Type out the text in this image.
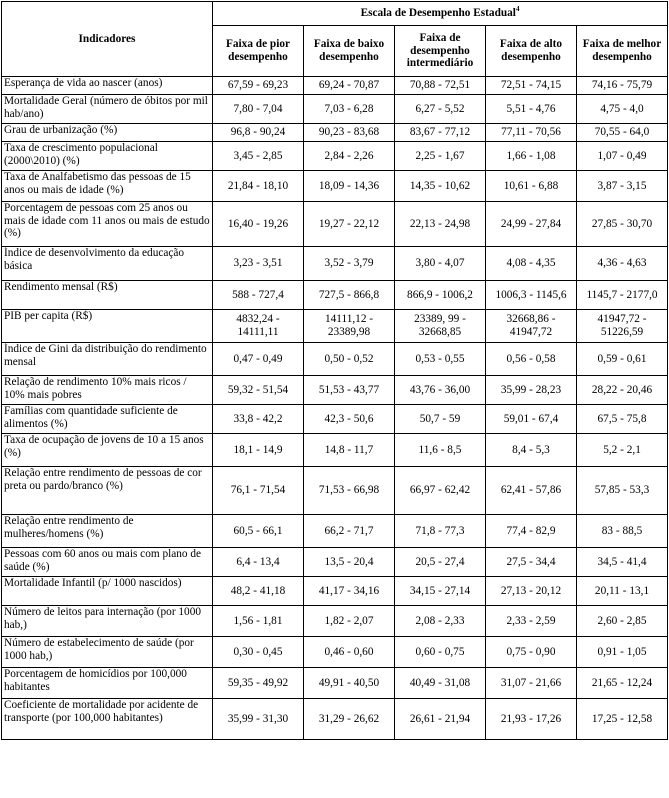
Indicadores	Escala de Desempenho Estadual$^4$
	Faixa de pior desempenho	Faixa de baixo desempenho	Faixa de desempenho intermediário	Faixa de alto desempenho	Faixa de melhor desempenho
Esperança de vida ao nascer (anos)	67,59 - 69,23	69,24 - 70,87	70,88 - 72,51	72,51 - 74,15	74,16 - 75,79
Mortalidade Geral (número de óbitos por mil hab/ano)	7,80 - 7,04	7,03 - 6,28	6,27 - 5,52	5,51 - 4,76	4,75 - 4,0
Grau de urbanização (%)	96,8 - 90,24	90,23 - 83,68	83,67 - 77,12	77,11 - 70,56	70,55 - 64,0
Taxa de crescimento populacional (2000\2010) (%)	3,45 - 2,85	2,84 - 2,26	2,25 - 1,67	1,66 - 1,08	1,07 - 0,49
Taxa de Analfabetismo das pessoas de 15 anos ou mais de idade (%)	21,84 - 18,10	18,09 - 14,36	14,35 - 10,62	10,61 - 6,88	3,87 - 3,15
Porcentagem de pessoas com 25 anos ou mais de idade com 11 anos ou mais de estudo (%)	16,40 - 19,26	19,27 - 22,12	22,13 - 24,98	24,99 - 27,84	27,85 - 30,70
Índice de desenvolvimento da educação básica	3,23 - 3,51	3,52 - 3,79	3,80 - 4,07	4,08 - 4,35	4,36 - 4,63
Rendimento mensal (R$)	588 - 727,4	727,5 - 866,8	866,9 - 1006,2	1006,3 - 1145,6	1145,7 - 2177,0
PIB per capita (R$)	4832,24 - 14111,11	14111,12 - 23389,98	23389, 99 - 32668,85	32668,86 - 41947,72	41947,72 - 51226,59
Índice de Gini da distribuição do rendimento mensal	0,47 - 0,49	0,50 - 0,52	0,53 - 0,55	0,56 - 0,58	0,59 - 0,61
Relação de rendimento 10% mais ricos / 10% mais pobres	59,32 - 51,54	51,53 - 43,77	43,76 - 36,00	35,99 - 28,23	28,22 - 20,46
Famílias com quantidade suficiente de alimentos (%)	33,8 - 42,2	42,3 - 50,6	50,7 - 59	59,01 - 67,4	67,5 - 75,8
Taxa de ocupação de jovens de 10 a 15 anos (%)	18,1 - 14,9	14,8 - 11,7	11,6 - 8,5	8,4 - 5,3	5,2 - 2,1
Relação entre rendimento de pessoas de cor preta ou pardo/branco (%)	76,1 - 71,54	71,53 - 66,98	66,97 - 62,42	62,41 - 57,86	57,85 - 53,3
Relação entre rendimento de mulheres/homens (%)	60,5 - 66,1	66,2 - 71,7	71,8 - 77,3	77,4 - 82,9	83 - 88,5
Pessoas com 60 anos ou mais com plano de saúde (%)	6,4 - 13,4	13,5 - 20,4	20,5 - 27,4	27,5 - 34,4	34,5 - 41,4
Mortalidade Infantil (p/ 1000 nascidos)	48,2 - 41,18	41,17 - 34,16	34,15 - 27,14	27,13 - 20,12	20,11 - 13,1
Número de leitos para internação (por 1000 hab,)	1,56 - 1,81	1,82 - 2,07	2,08 - 2,33	2,33 - 2,59	2,60 - 2,85
Número de estabelecimento de saúde (por 1000 hab,)	0,30 - 0,45	0,46 - 0,60	0,60 - 0,75	0,75 - 0,90	0,91 - 1,05
Porcentagem de homicídios por 100,000 habitantes	59,35 - 49,92	49,91 - 40,50	40,49 - 31,08	31,07 - 21,66	21,65 - 12,24
Coeficiente de mortalidade por acidente de transporte (por 100,000 habitantes)	35,99 - 31,30	31,29 - 26,62	26,61 - 21,94	21,93 - 17,26	17,25 - 12,58
